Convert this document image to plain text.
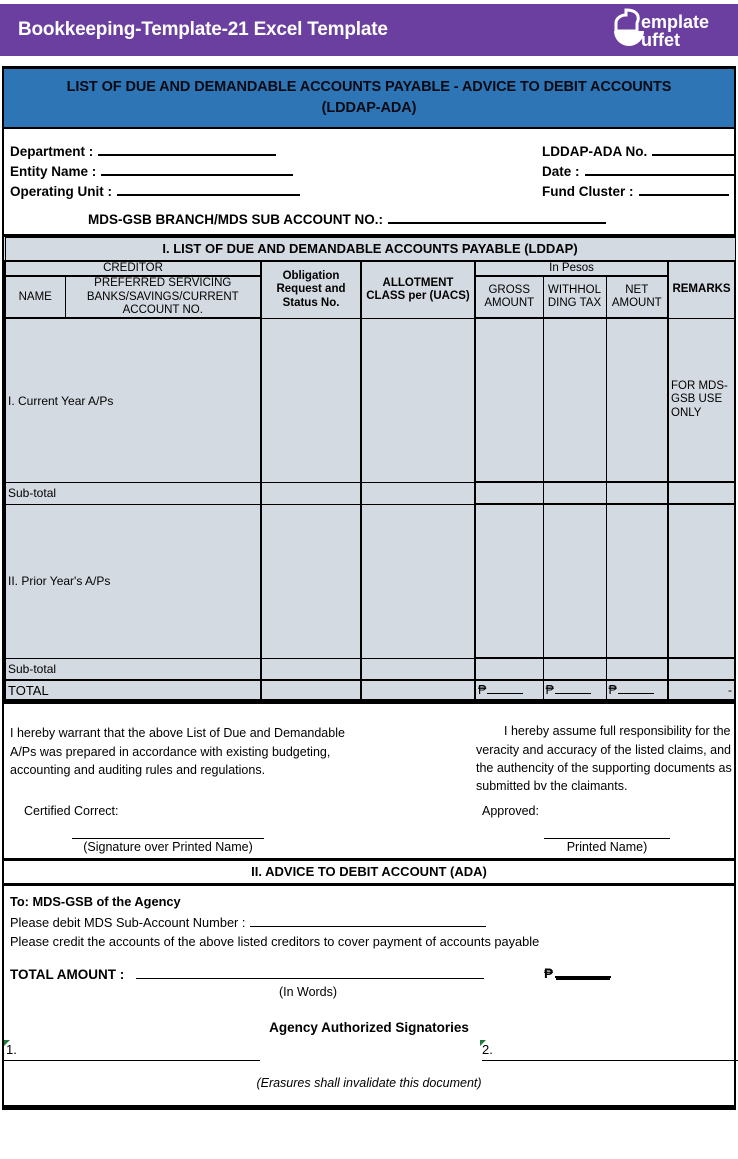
Bookkeeping-Template-21 Excel Template	emplate
uffet
LIST OF DUE AND DEMANDABLE ACCOUNTS PAYABLE - ADVICE TO DEBIT ACCOUNTS (LDDAP-ADA)
Department :
Entity Name :
Operating Unit :
LDDAP-ADA No.
Date :
Fund Cluster :
MDS-GSB BRANCH/MDS SUB ACCOUNT NO.:
I. LIST OF DUE AND DEMANDABLE ACCOUNTS PAYABLE (LDDAP)							
CREDITOR		Obligation Request and Status No.	ALLOTMENT CLASS per (UACS)	In Pesos			REMARKS
NAME	PREFERRED SERVICING BANKS/SAVINGS/CURRENT ACCOUNT NO.			GROSS AMOUNT	WITHHOL DING TAX	NET AMOUNT	
I. Current Year A/Ps							FOR MDS-GSB USE ONLY
Sub-total							
II. Prior Year's A/Ps							
Sub-total							
TOTAL				₱	₱	₱	-
I hereby warrant that the above List of Due and Demandable A/Ps was prepared in accordance with existing budgeting, accounting and auditing rules and regulations.
I hereby assume full responsibility for the veracity and accuracy of the listed claims, and the authencity of the supporting documents as submitted bv the claimants.
Certified Correct:	Approved:
(Signature over Printed Name)	Printed Name)
II. ADVICE TO DEBIT ACCOUNT (ADA)
To: MDS-GSB of the Agency
Please debit MDS Sub-Account Number :
Please credit the accounts of the above listed creditors to cover payment of accounts payable
TOTAL AMOUNT :
(In Words)
₱
Agency Authorized Signatories
1.	2.
(Erasures shall invalidate this document)
